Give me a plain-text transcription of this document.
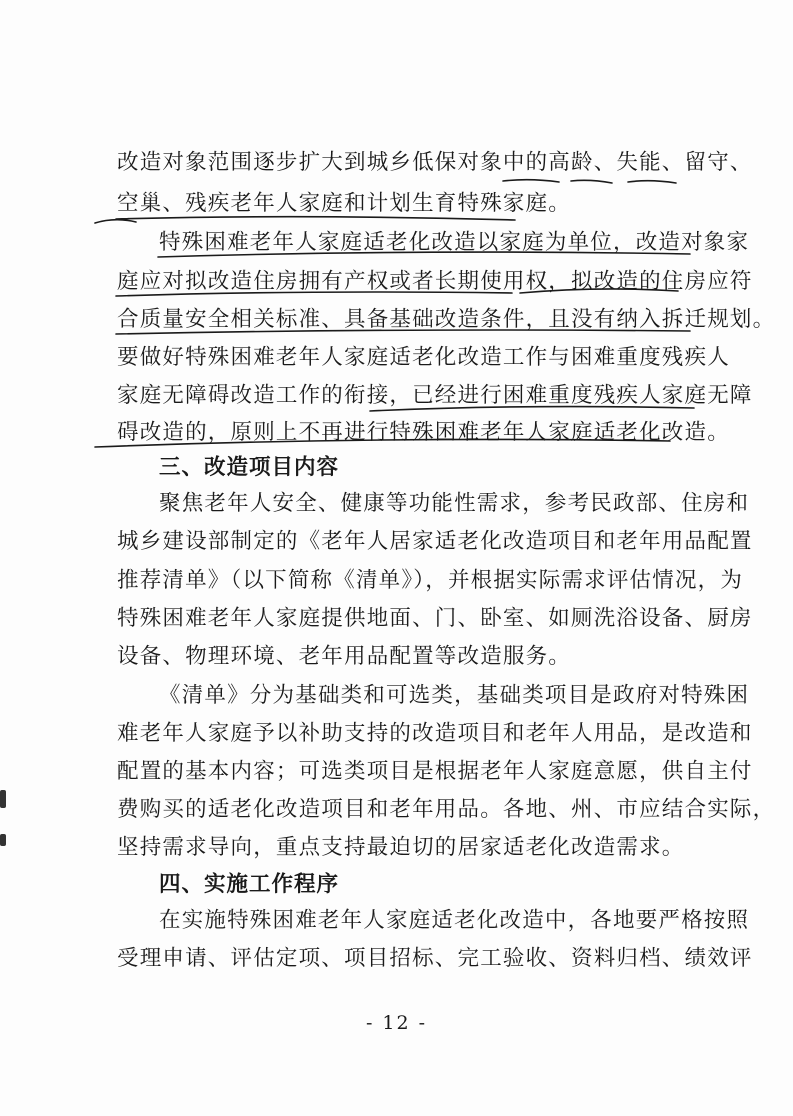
改造对象范围逐步扩大到城乡低保对象中的高龄、失能、留守、
空巢、残疾老年人家庭和计划生育特殊家庭。
特殊困难老年人家庭适老化改造以家庭为单位，改造对象家
庭应对拟改造住房拥有产权或者长期使用权，拟改造的住房应符
合质量安全相关标准、具备基础改造条件，且没有纳入拆迁规划。
要做好特殊困难老年人家庭适老化改造工作与困难重度残疾人
家庭无障碍改造工作的衔接，已经进行困难重度残疾人家庭无障
碍改造的，原则上不再进行特殊困难老年人家庭适老化改造。
三、改造项目内容
聚焦老年人安全、健康等功能性需求，参考民政部、住房和
城乡建设部制定的《老年人居家适老化改造项目和老年用品配置
推荐清单》（以下简称《清单》），并根据实际需求评估情况，为
特殊困难老年人家庭提供地面、门、卧室、如厕洗浴设备、厨房
设备、物理环境、老年用品配置等改造服务。
《清单》分为基础类和可选类，基础类项目是政府对特殊困
难老年人家庭予以补助支持的改造项目和老年人用品，是改造和
配置的基本内容；可选类项目是根据老年人家庭意愿，供自主付
费购买的适老化改造项目和老年用品。各地、州、市应结合实际，
坚持需求导向，重点支持最迫切的居家适老化改造需求。
四、实施工作程序
在实施特殊困难老年人家庭适老化改造中，各地要严格按照
受理申请、评估定项、项目招标、完工验收、资料归档、绩效评
- 12 -
